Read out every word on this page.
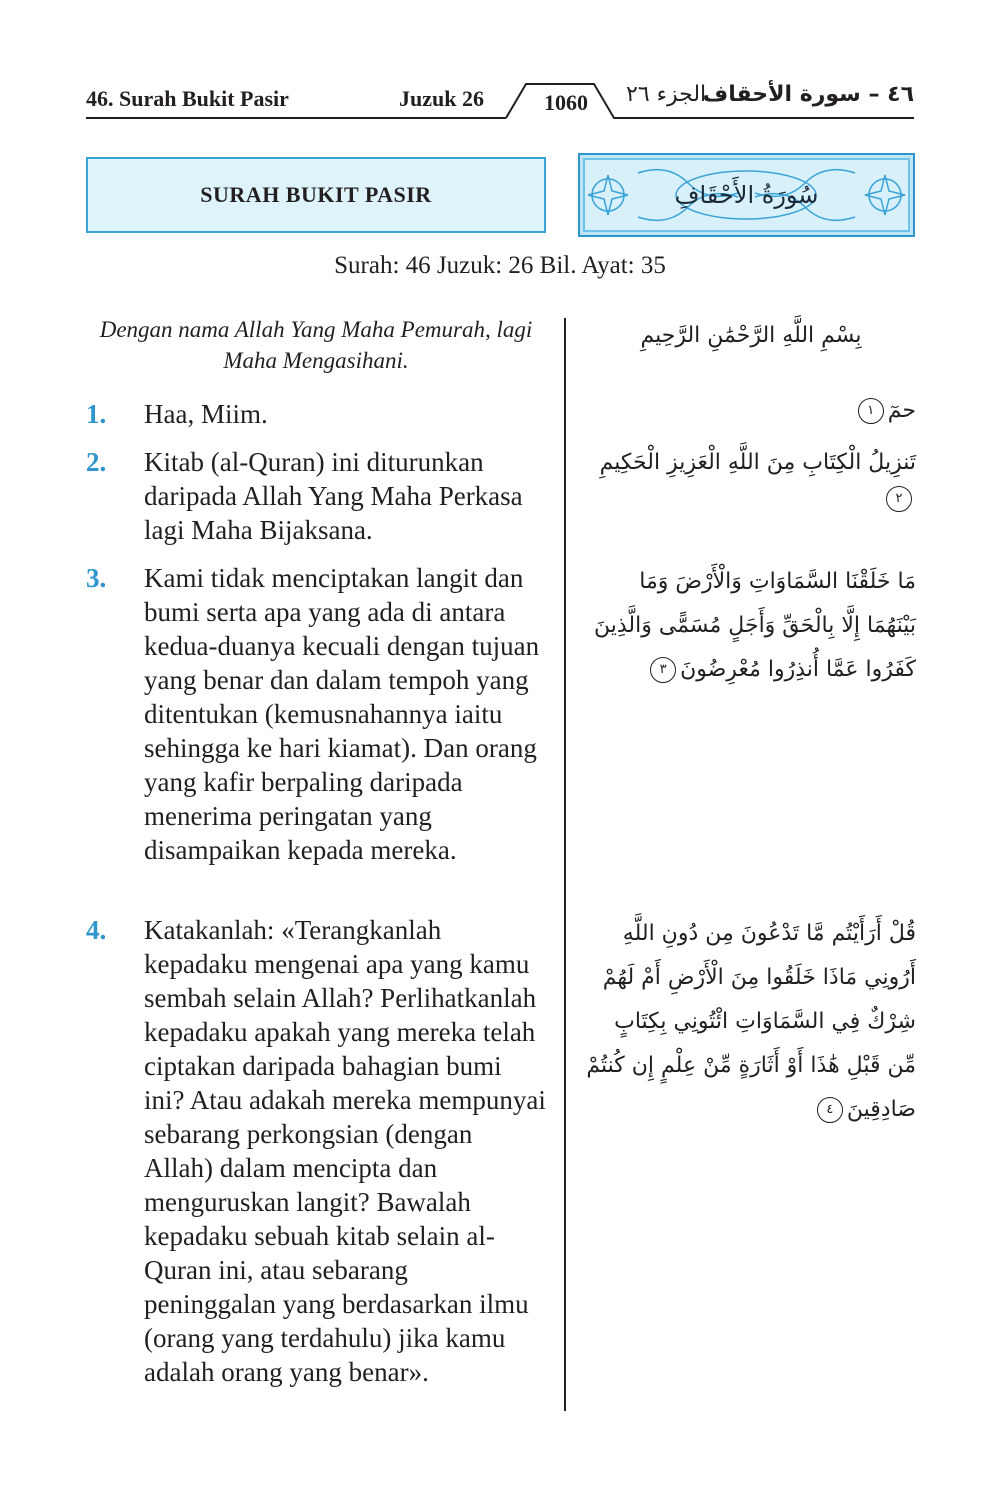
46. Surah Bukit Pasir	Juzuk 26	1060	الجزء ٢٦
٤٦ – سورة الأحقاف
SURAH BUKIT PASIR	سُورَةُ الأَحْقَافِ
Surah: 46 Juzuk: 26 Bil. Ayat: 35
Dengan nama Allah Yang Maha Pemurah, lagi Maha Mengasihani.
بِسْمِ اللَّهِ الرَّحْمَٰنِ الرَّحِيمِ
1.	Haa, Miim.	حمٓ١
2.	Kitab (al-Quran) ini diturunkan daripada Allah Yang Maha Perkasa lagi Maha Bijaksana.
تَنزِيلُ الْكِتَابِ مِنَ اللَّهِ الْعَزِيزِ الْحَكِيمِ٢
3.	Kami tidak menciptakan langit dan bumi serta apa yang ada di antara kedua-duanya kecuali dengan tujuan yang benar dan dalam tempoh yang ditentukan (kemusnahannya iaitu sehingga ke hari kiamat). Dan orang yang kafir berpaling daripada menerima peringatan yang disampaikan kepada mereka.
مَا خَلَقْنَا السَّمَاوَاتِ وَالْأَرْضَ وَمَا بَيْنَهُمَا إِلَّا بِالْحَقِّ وَأَجَلٍ مُسَمًّى وَالَّذِينَ كَفَرُوا عَمَّا أُنذِرُوا مُعْرِضُونَ٣
4.	Katakanlah: «Terangkanlah kepadaku mengenai apa yang kamu sembah selain Allah? Perlihatkanlah kepadaku apakah yang mereka telah ciptakan daripada bahagian bumi ini? Atau adakah mereka mempunyai sebarang perkongsian (dengan Allah) dalam mencipta dan menguruskan langit? Bawalah kepadaku sebuah kitab selain al-Quran ini, atau sebarang peninggalan yang berdasarkan ilmu (orang yang terdahulu) jika kamu adalah orang yang benar».
قُلْ أَرَأَيْتُم مَّا تَدْعُونَ مِن دُونِ اللَّهِ أَرُونِي مَاذَا خَلَقُوا مِنَ الْأَرْضِ أَمْ لَهُمْ شِرْكٌ فِي السَّمَاوَاتِ ائْتُونِي بِكِتَابٍ مِّن قَبْلِ هَٰذَا أَوْ أَثَارَةٍ مِّنْ عِلْمٍ إِن كُنتُمْ صَادِقِينَ٤
